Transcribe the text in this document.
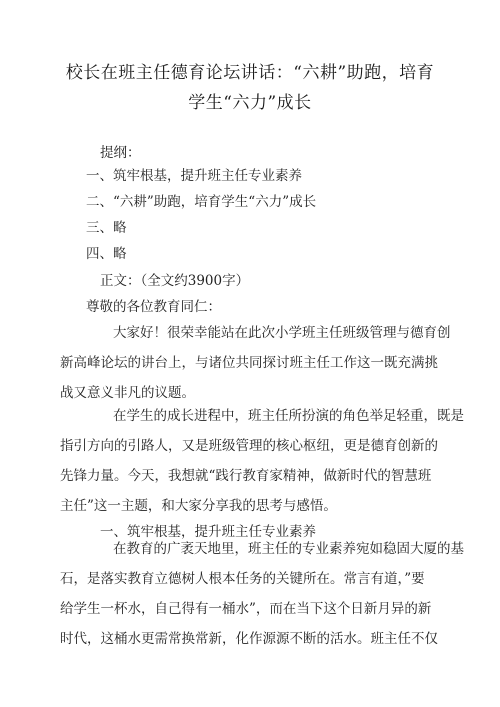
校长在班主任德育论坛讲话：“六耕”助跑，培育
学生“六力”成长
提纲：
一、筑牢根基，提升班主任专业素养
二、“六耕”助跑，培育学生“六力”成长
三、略
四、略
正文：（全文约3900字）
尊敬的各位教育同仁：
大家好！很荣幸能站在此次小学班主任班级管理与德育创
新高峰论坛的讲台上，与诸位共同探讨班主任工作这一既充满挑
战又意义非凡的议题。
在学生的成长进程中，班主任所扮演的角色举足轻重，既是
指引方向的引路人，又是班级管理的核心枢纽，更是德育创新的
先锋力量。今天，我想就“践行教育家精神，做新时代的智慧班
主任”这一主题，和大家分享我的思考与感悟。
一、筑牢根基，提升班主任专业素养
在教育的广袤天地里，班主任的专业素养宛如稳固大厦的基
石，是落实教育立德树人根本任务的关键所在。常言有道，”要
给学生一杯水，自己得有一桶水”，而在当下这个日新月异的新
时代，这桶水更需常换常新，化作源源不断的活水。班主任不仅
